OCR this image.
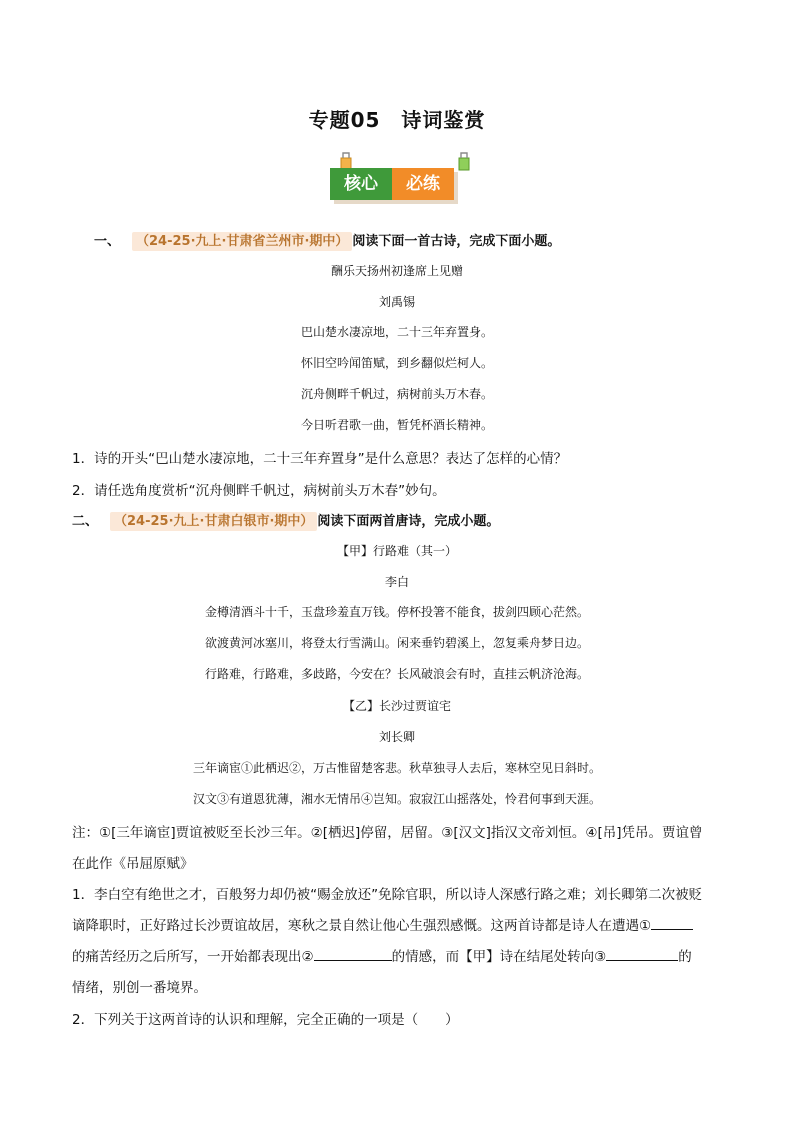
专题05　诗词鉴赏
核心	必练
一、 （24-25·九上·甘肃省兰州市·期中） 阅读下面一首古诗，完成下面小题。
酬乐天扬州初逢席上见赠
刘禹锡
巴山楚水凄凉地，二十三年弃置身。
怀旧空吟闻笛赋，到乡翻似烂柯人。
沉舟侧畔千帆过，病树前头万木春。
今日听君歌一曲，暂凭杯酒长精神。
1．诗的开头“巴山楚水凄凉地，二十三年弃置身”是什么意思？表达了怎样的心情？
2．请任选角度赏析“沉舟侧畔千帆过，病树前头万木春”妙句。
二、 （24-25·九上·甘肃白银市·期中） 阅读下面两首唐诗，完成小题。
【甲】行路难（其一）
李白
金樽清酒斗十千，玉盘珍羞直万钱。停杯投箸不能食，拔剑四顾心茫然。
欲渡黄河冰塞川，将登太行雪满山。闲来垂钓碧溪上，忽复乘舟梦日边。
行路难，行路难，多歧路，今安在？长风破浪会有时，直挂云帆济沧海。
【乙】长沙过贾谊宅
刘长卿
三年谪宦①此栖迟②，万古惟留楚客悲。秋草独寻人去后，寒林空见日斜时。
汉文③有道恩犹薄，湘水无情吊④岂知。寂寂江山摇落处，怜君何事到天涯。
注：①[三年谪宦]贾谊被贬至长沙三年。②[栖迟]停留，居留。③[汉文]指汉文帝刘恒。④[吊]凭吊。贾谊曾
在此作《吊屈原赋》
1．李白空有绝世之才，百般努力却仍被“赐金放还”免除官职，所以诗人深感行路之难；刘长卿第二次被贬
谪降职时，正好路过长沙贾谊故居，寒秋之景自然让他心生强烈感慨。这两首诗都是诗人在遭遇①
的痛苦经历之后所写，一开始都表现出②	的情感，而【甲】诗在结尾处转向③	的
情绪，别创一番境界。
2．下列关于这两首诗的认识和理解，完全正确的一项是（　　）
